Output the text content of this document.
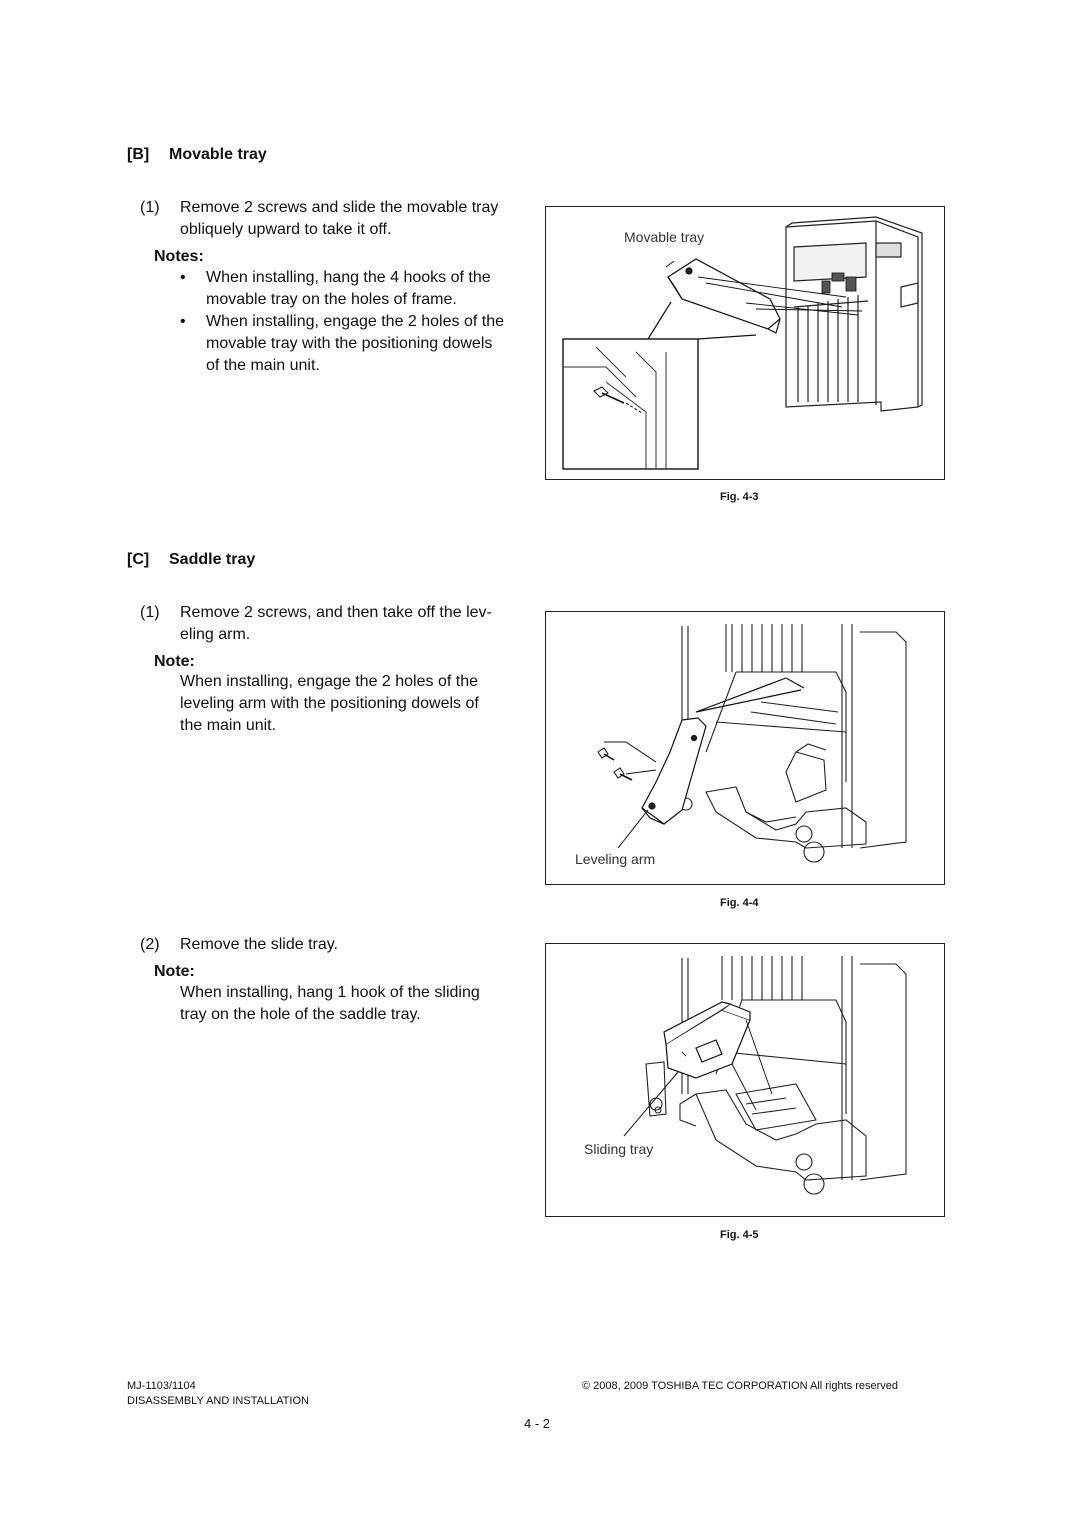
[B] Movable tray
(1) Remove 2 screws and slide the movable tray
obliquely upward to take it off.
Notes:
• When installing, hang the 4 hooks of the
movable tray on the holes of frame.
• When installing, engage the 2 holes of the
movable tray with the positioning dowels
of the main unit.
Movable tray
Fig. 4-3
[C] Saddle tray
(1) Remove 2 screws, and then take off the lev-
eling arm.
Note:
When installing, engage the 2 holes of the
leveling arm with the positioning dowels of
the main unit.
Leveling arm
Fig. 4-4
(2) Remove the slide tray.
Note:
When installing, hang 1 hook of the sliding
tray on the hole of the saddle tray.
Sliding tray
Fig. 4-5
MJ-1103/1104
DISASSEMBLY AND INSTALLATION
© 2008, 2009 TOSHIBA TEC CORPORATION All rights reserved
4 - 2
